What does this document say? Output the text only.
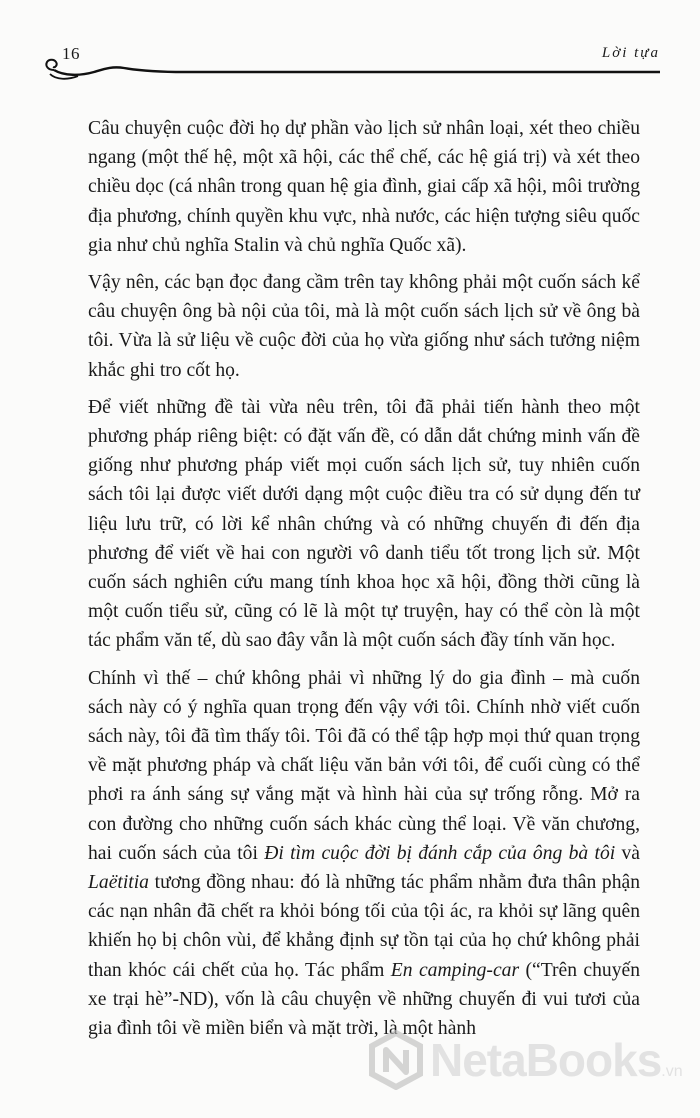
16	Lời tựa

Câu chuyện cuộc đời họ dự phần vào lịch sử nhân loại, xét theo chiều ngang (một thế hệ, một xã hội, các thể chế, các hệ giá trị) và xét theo chiều dọc (cá nhân trong quan hệ gia đình, giai cấp xã hội, môi trường địa phương, chính quyền khu vực, nhà nước, các hiện tượng siêu quốc gia như chủ nghĩa Stalin và chủ nghĩa Quốc xã).

Vậy nên, các bạn đọc đang cầm trên tay không phải một cuốn sách kể câu chuyện ông bà nội của tôi, mà là một cuốn sách lịch sử về ông bà tôi. Vừa là sử liệu về cuộc đời của họ vừa giống như sách tưởng niệm khắc ghi tro cốt họ.

Để viết những đề tài vừa nêu trên, tôi đã phải tiến hành theo một phương pháp riêng biệt: có đặt vấn đề, có dẫn dắt chứng minh vấn đề giống như phương pháp viết mọi cuốn sách lịch sử, tuy nhiên cuốn sách tôi lại được viết dưới dạng một cuộc điều tra có sử dụng đến tư liệu lưu trữ, có lời kể nhân chứng và có những chuyến đi đến địa phương để viết về hai con người vô danh tiểu tốt trong lịch sử. Một cuốn sách nghiên cứu mang tính khoa học xã hội, đồng thời cũng là một cuốn tiểu sử, cũng có lẽ là một tự truyện, hay có thể còn là một tác phẩm văn tế, dù sao đây vẫn là một cuốn sách đầy tính văn học.

Chính vì thế – chứ không phải vì những lý do gia đình – mà cuốn sách này có ý nghĩa quan trọng đến vậy với tôi. Chính nhờ viết cuốn sách này, tôi đã tìm thấy tôi. Tôi đã có thể tập hợp mọi thứ quan trọng về mặt phương pháp và chất liệu văn bản với tôi, để cuối cùng có thể phơi ra ánh sáng sự vắng mặt và hình hài của sự trống rỗng. Mở ra con đường cho những cuốn sách khác cùng thể loại. Về văn chương, hai cuốn sách của tôi Đi tìm cuộc đời bị đánh cắp của ông bà tôi và Laëtitia tương đồng nhau: đó là những tác phẩm nhằm đưa thân phận các nạn nhân đã chết ra khỏi bóng tối của tội ác, ra khỏi sự lãng quên khiến họ bị chôn vùi, để khẳng định sự tồn tại của họ chứ không phải than khóc cái chết của họ. Tác phẩm En camping-car (“Trên chuyến xe trại hè”-ND), vốn là câu chuyện về những chuyến đi vui tươi của gia đình tôi về miền biển và mặt trời, là một hành

NetaBooks.vn
